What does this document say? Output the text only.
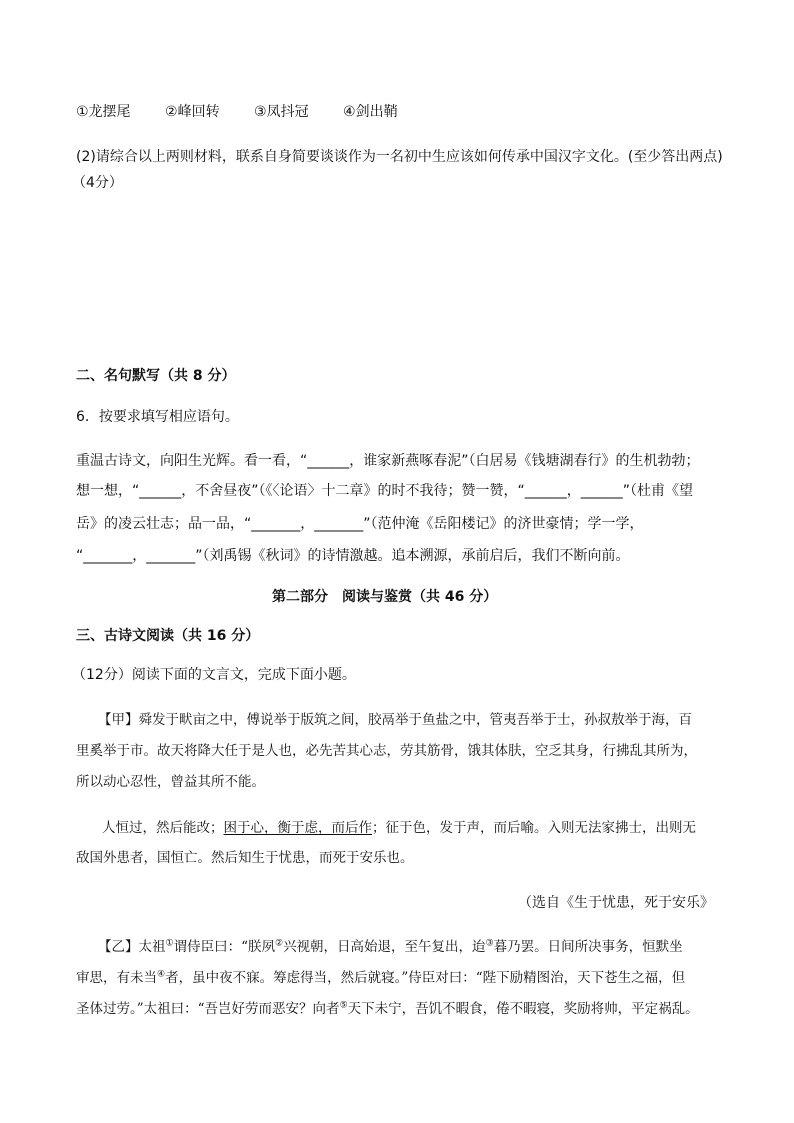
①龙摆尾 ②峰回转 ③凤抖冠 ④剑出鞘
(2)请综合以上两则材料，联系自身简要谈谈作为一名初中生应该如何传承中国汉字文化。(至少答出两点)
（4分）
二、名句默写（共 8 分）
6．按要求填写相应语句。
重温古诗文，向阳生光辉。看一看，“______，谁家新燕啄春泥”（白居易《钱塘湖春行》的生机勃勃；
想一想，“______，不舍昼夜”（《〈论语〉十二章》的时不我待；赞一赞，“______，______”（杜甫《望
岳》的凌云壮志；品一品，“_______，_______”（范仲淹《岳阳楼记》的济世豪情；学一学，
“_______，_______”（刘禹锡《秋词》的诗情激越。追本溯源，承前启后，我们不断向前。
第二部分　阅读与鉴赏（共 46 分）
三、古诗文阅读（共 16 分）
（12分）阅读下面的文言文，完成下面小题。
【甲】舜发于畎亩之中，傅说举于版筑之间，胶鬲举于鱼盐之中，管夷吾举于士，孙叔敖举于海，百
里奚举于市。故天将降大任于是人也，必先苦其心志，劳其筋骨，饿其体肤，空乏其身，行拂乱其所为，
所以动心忍性，曾益其所不能。
人恒过，然后能改；困于心，衡于虑，而后作；征于色，发于声，而后喻。入则无法家拂士，出则无
敌国外患者，国恒亡。然后知生于忧患，而死于安乐也。
（选自《生于忧患，死于安乐》
【乙】太祖①谓侍臣曰：“朕夙②兴视朝，日高始退，至午复出，迨③暮乃罢。日间所决事务，恒默坐
审思，有未当④者，虽中夜不寐。筹虑得当，然后就寝。”侍臣对曰：“陛下励精图治，天下苍生之福，但
圣体过劳。”太祖曰：“吾岂好劳而恶安？向者⑤天下未宁，吾饥不暇食，倦不暇寝，奖励将帅，平定祸乱。
